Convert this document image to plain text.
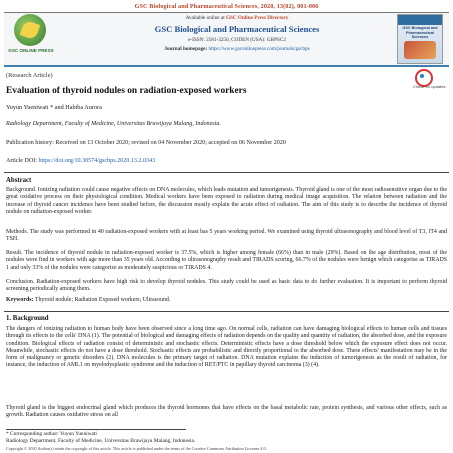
GSC Biological and Pharmaceutical Sciences, 2020, 13(02), 001-006
GSC ONLINE PRESS
Available online at GSC Online Press Directory
GSC Biological and Pharmaceutical Sciences
e-ISSN: 2581-3250, CODEN (USA): GBPSC2
Journal homepage: https://www.gsconlinepress.com/journals/gscbps
GSC Biological and Pharmaceutical Sciences
(Research Article)
Check for updates
Evaluation of thyroid nodules on radiation-exposed workers
Yuyun Yueniwati * and Habiba Aurora
Radiology Department, Faculty of Medicine, Universitas Brawijaya Malang, Indonesia.
Publication history: Received on 13 October 2020; revised on 04 November 2020; accepted on 06 November 2020
Article DOI: https://doi.org/10.30574/gscbps.2020.13.2.0343
Abstract
Background. Ionizing radiation could cause negative effects on DNA molecules, which leads mutation and tumorigenesis. Thyroid gland is one of the most radiosensitive organ due to the great oxidative process on their physiological condition. Medical workers have been exposed to radiation during medical image acquisition. The relation between radiation and the increase of thyroid cancer incidence have been studied before, the discussion mostly explain the acute effect of radiation. The aim of this study is to describe the incidence of thyroid nodule on radiation-exposed worker.
Methods. The study was performed in 40 radiation-exposed workers with at least has 5 years working period. We examined using thyroid ultrasonography and blood level of T3, fT4 and TSH.
Result. The incidence of thyroid nodule in radiation-exposed worker is 37.5%, which is higher among female (66%) than in male (29%). Based on the age distribution, most of the nodules were find in workers with age more than 35 years old. According to ultrasonography result and TIRADS scoring, 66.7% of the nodules were benign which categorise as TIRADS 1 and only 33% of the nodules were categorize as moderately suspicious or TIRADS 4.
Conclusion. Radiation-exposed workers have high risk to develop thyroid nodules. This study could be used as basic data to do further evaluation. It is important to perform thyroid screening periodically among them.
Keywords: Thyroid nodule; Radiation Exposed workers; Ultrasound.
1. Background
The dangers of ionizing radiation to human body have been observed since a long time ago. On normal cells, radiation can have damaging biological effects to human cells and tissues through its effects to the cells' DNA (1). The potential of biological and damaging effects of radiation depends on the quality and quantity of radiation, the absorbed dose, and the exposure condition. Biological effects of radiation consist of deterministic and stochastic effects. Deterministic effects have a dose threshold below which the exposure effect does not occur. Meanwhile, stochastic effects do not have a dose threshold. Stochastic effects are probabilistic and directly proportional to the absorbed dose. These effects' manifestation may be in the form of malignancy or genetic disorders (2). DNA molecules is the primary target of radiation. DNA mutation explains the induction of tumorigenesis as the result of radiation, for instance, the induction of AML1 on myelodysplastic syndrome and the induction of RET/PTC in papillary thyroid carcinoma (3) (4).
Thyroid gland is the biggest endocrinal gland which produces the thyroid hormones that have effects on the basal metabolic rate, protein synthesis, and various other effects, such as growth. Radiation causes oxidative stress on all
* Corresponding author: Yuyun Yueniwati
Radiology Department, Faculty of Medicine, Universitas Brawijaya Malang, Indonesia.
Copyright © 2020 Author(s) retain the copyright of this article. This article is published under the terms of the Creative Commons Attribution Liscense 4.0.
